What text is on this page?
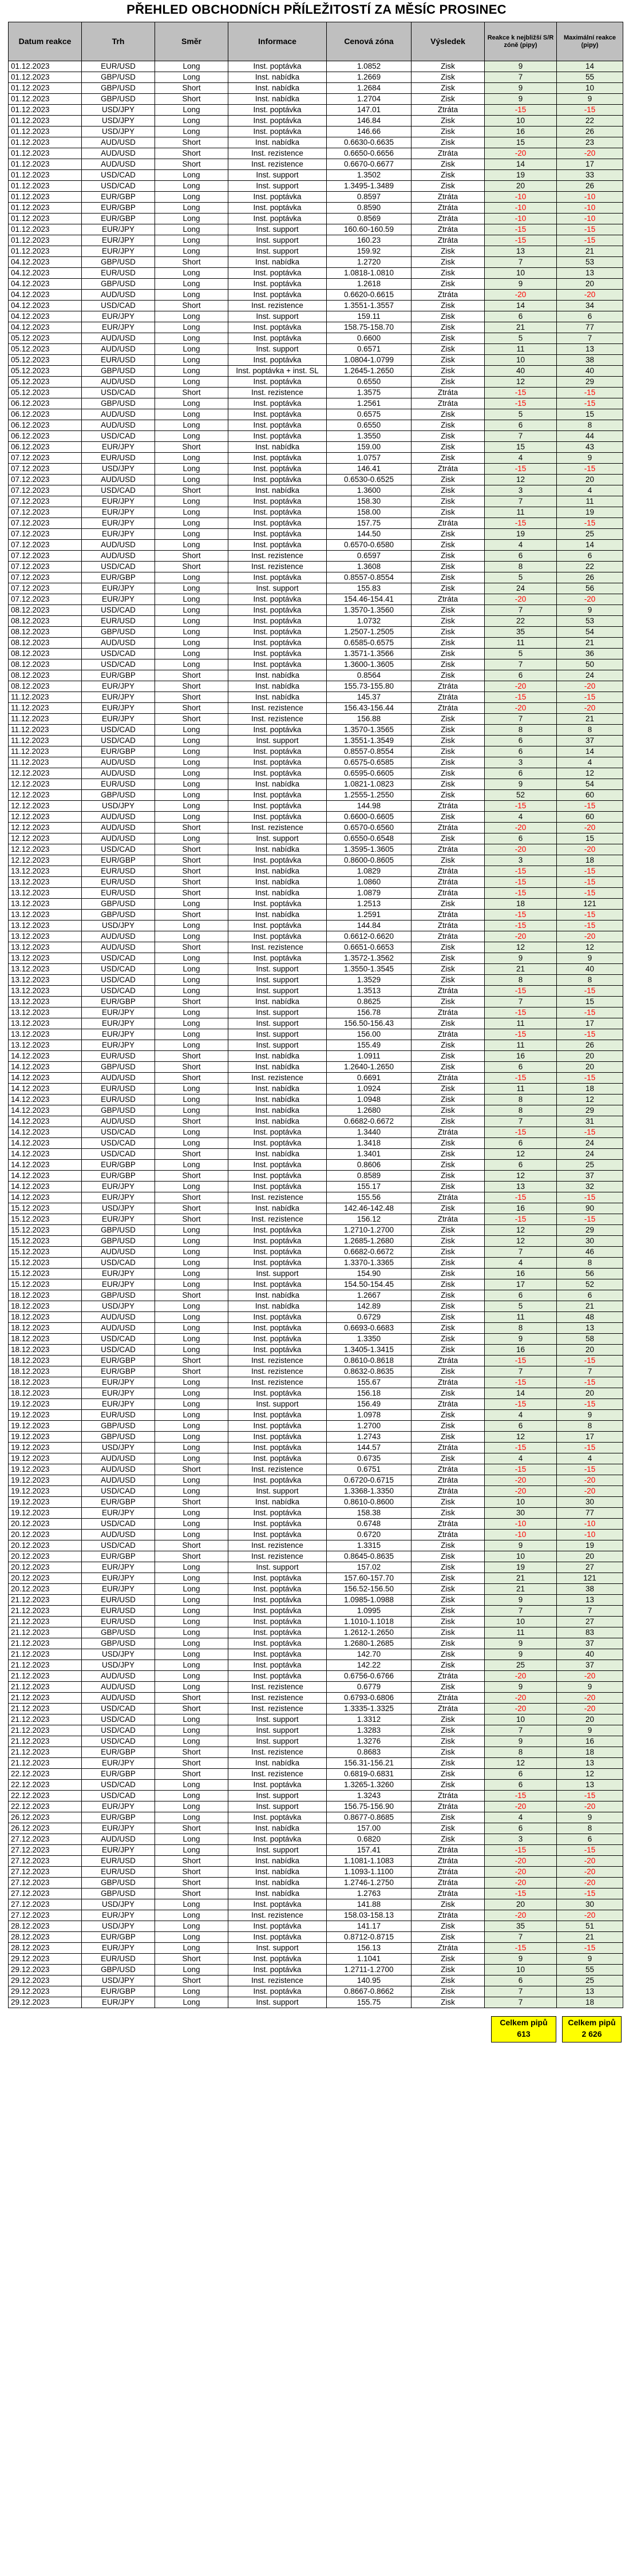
PŘEHLED OBCHODNÍCH PŘÍLEŽITOSTÍ ZA MĚSÍC PROSINEC
Datum reakce	Trh	Směr	Informace	Cenová zóna	Výsledek	Reakce k nejbližší S/R zóně (pipy)	Maximální reakce (pipy)
01.12.2023	EUR/USD	Long	Inst. poptávka	1.0852	Zisk	9	14
01.12.2023	GBP/USD	Long	Inst. nabídka	1.2669	Zisk	7	55
01.12.2023	GBP/USD	Short	Inst. nabídka	1.2684	Zisk	9	10
01.12.2023	GBP/USD	Short	Inst. nabídka	1.2704	Zisk	9	9
01.12.2023	USD/JPY	Long	Inst. poptávka	147.01	Ztráta	-15	-15
01.12.2023	USD/JPY	Long	Inst. poptávka	146.84	Zisk	10	22
01.12.2023	USD/JPY	Long	Inst. poptávka	146.66	Zisk	16	26
01.12.2023	AUD/USD	Short	Inst. nabídka	0.6630-0.6635	Zisk	15	23
01.12.2023	AUD/USD	Short	Inst. rezistence	0.6650-0.6656	Ztráta	-20	-20
01.12.2023	AUD/USD	Short	Inst. rezistence	0.6670-0.6677	Zisk	14	17
01.12.2023	USD/CAD	Long	Inst. support	1.3502	Zisk	19	33
01.12.2023	USD/CAD	Long	Inst. support	1.3495-1.3489	Zisk	20	26
01.12.2023	EUR/GBP	Long	Inst. poptávka	0.8597	Ztráta	-10	-10
01.12.2023	EUR/GBP	Long	Inst. poptávka	0.8590	Ztráta	-10	-10
01.12.2023	EUR/GBP	Long	Inst. poptávka	0.8569	Ztráta	-10	-10
01.12.2023	EUR/JPY	Long	Inst. support	160.60-160.59	Ztráta	-15	-15
01.12.2023	EUR/JPY	Long	Inst. support	160.23	Ztráta	-15	-15
01.12.2023	EUR/JPY	Long	Inst. support	159.92	Zisk	13	21
04.12.2023	GBP/USD	Short	Inst. nabídka	1.2720	Zisk	7	53
04.12.2023	EUR/USD	Long	Inst. poptávka	1.0818-1.0810	Zisk	10	13
04.12.2023	GBP/USD	Long	Inst. poptávka	1.2618	Zisk	9	20
04.12.2023	AUD/USD	Long	Inst. poptávka	0.6620-0.6615	Ztráta	-20	-20
04.12.2023	USD/CAD	Short	Inst. rezistence	1.3551-1.3557	Zisk	14	34
04.12.2023	EUR/JPY	Long	Inst. support	159.11	Zisk	6	6
04.12.2023	EUR/JPY	Long	Inst. poptávka	158.75-158.70	Zisk	21	77
05.12.2023	AUD/USD	Long	Inst. poptávka	0.6600	Zisk	5	7
05.12.2023	AUD/USD	Long	Inst. support	0.6571	Zisk	11	13
05.12.2023	EUR/USD	Long	Inst. poptávka	1.0804-1.0799	Zisk	10	38
05.12.2023	GBP/USD	Long	Inst. poptávka + inst. SL	1.2645-1.2650	Zisk	40	40
05.12.2023	AUD/USD	Long	Inst. poptávka	0.6550	Zisk	12	29
05.12.2023	USD/CAD	Short	Inst. rezistence	1.3575	Ztráta	-15	-15
06.12.2023	GBP/USD	Long	Inst. poptávka	1.2561	Ztráta	-15	-15
06.12.2023	AUD/USD	Long	Inst. poptávka	0.6575	Zisk	5	15
06.12.2023	AUD/USD	Long	Inst. poptávka	0.6550	Zisk	6	8
06.12.2023	USD/CAD	Long	Inst. poptávka	1.3550	Zisk	7	44
06.12.2023	EUR/JPY	Short	Inst. nabídka	159.00	Zisk	15	43
07.12.2023	EUR/USD	Long	Inst. poptávka	1.0757	Zisk	4	9
07.12.2023	USD/JPY	Long	Inst. poptávka	146.41	Ztráta	-15	-15
07.12.2023	AUD/USD	Long	Inst. poptávka	0.6530-0.6525	Zisk	12	20
07.12.2023	USD/CAD	Short	Inst. nabídka	1.3600	Zisk	3	4
07.12.2023	EUR/JPY	Long	Inst. poptávka	158.30	Zisk	7	11
07.12.2023	EUR/JPY	Long	Inst. poptávka	158.00	Zisk	11	19
07.12.2023	EUR/JPY	Long	Inst. poptávka	157.75	Ztráta	-15	-15
07.12.2023	EUR/JPY	Long	Inst. poptávka	144.50	Zisk	19	25
07.12.2023	AUD/USD	Long	Inst. poptávka	0.6570-0.6580	Zisk	4	14
07.12.2023	AUD/USD	Short	Inst. rezistence	0.6597	Zisk	6	6
07.12.2023	USD/CAD	Short	Inst. rezistence	1.3608	Zisk	8	22
07.12.2023	EUR/GBP	Long	Inst. poptávka	0.8557-0.8554	Zisk	5	26
07.12.2023	EUR/JPY	Long	Inst. support	155.83	Zisk	24	56
07.12.2023	EUR/JPY	Long	Inst. poptávka	154.46-154.41	Ztráta	-20	-20
08.12.2023	USD/CAD	Long	Inst. poptávka	1.3570-1.3560	Zisk	7	9
08.12.2023	EUR/USD	Long	Inst. poptávka	1.0732	Zisk	22	53
08.12.2023	GBP/USD	Long	Inst. poptávka	1.2507-1.2505	Zisk	35	54
08.12.2023	AUD/USD	Long	Inst. poptávka	0.6585-0.6575	Zisk	11	21
08.12.2023	USD/CAD	Long	Inst. poptávka	1.3571-1.3566	Zisk	5	36
08.12.2023	USD/CAD	Long	Inst. poptávka	1.3600-1.3605	Zisk	7	50
08.12.2023	EUR/GBP	Short	Inst. nabídka	0.8564	Zisk	6	24
08.12.2023	EUR/JPY	Short	Inst. nabídka	155.73-155.80	Ztráta	-20	-20
11.12.2023	EUR/JPY	Short	Inst. nabídka	145.37	Ztráta	-15	-15
11.12.2023	EUR/JPY	Short	Inst. rezistence	156.43-156.44	Ztráta	-20	-20
11.12.2023	EUR/JPY	Short	Inst. rezistence	156.88	Zisk	7	21
11.12.2023	USD/CAD	Long	Inst. poptávka	1.3570-1.3565	Zisk	8	8
11.12.2023	USD/CAD	Long	Inst. support	1.3551-1.3549	Zisk	6	37
11.12.2023	EUR/GBP	Long	Inst. poptávka	0.8557-0.8554	Zisk	6	14
11.12.2023	AUD/USD	Long	Inst. poptávka	0.6575-0.6585	Zisk	3	4
12.12.2023	AUD/USD	Long	Inst. poptávka	0.6595-0.6605	Zisk	6	12
12.12.2023	EUR/USD	Long	Inst. nabídka	1.0821-1.0823	Zisk	9	54
12.12.2023	GBP/USD	Long	Inst. poptávka	1.2555-1.2550	Zisk	52	60
12.12.2023	USD/JPY	Long	Inst. poptávka	144.98	Ztráta	-15	-15
12.12.2023	AUD/USD	Long	Inst. poptávka	0.6600-0.6605	Zisk	4	60
12.12.2023	AUD/USD	Short	Inst. rezistence	0.6570-0.6560	Ztráta	-20	-20
12.12.2023	AUD/USD	Long	Inst. support	0.6550-0.6548	Zisk	6	15
12.12.2023	USD/CAD	Short	Inst. nabídka	1.3595-1.3605	Ztráta	-20	-20
12.12.2023	EUR/GBP	Short	Inst. poptávka	0.8600-0.8605	Zisk	3	18
13.12.2023	EUR/USD	Short	Inst. nabídka	1.0829	Ztráta	-15	-15
13.12.2023	EUR/USD	Short	Inst. nabídka	1.0860	Ztráta	-15	-15
13.12.2023	EUR/USD	Short	Inst. nabídka	1.0879	Ztráta	-15	-15
13.12.2023	GBP/USD	Long	Inst. poptávka	1.2513	Zisk	18	121
13.12.2023	GBP/USD	Short	Inst. nabídka	1.2591	Ztráta	-15	-15
13.12.2023	USD/JPY	Long	Inst. poptávka	144.84	Ztráta	-15	-15
13.12.2023	AUD/USD	Long	Inst. poptávka	0.6612-0.6620	Ztráta	-20	-20
13.12.2023	AUD/USD	Short	Inst. rezistence	0.6651-0.6653	Zisk	12	12
13.12.2023	USD/CAD	Long	Inst. poptávka	1.3572-1.3562	Zisk	9	9
13.12.2023	USD/CAD	Long	Inst. support	1.3550-1.3545	Zisk	21	40
13.12.2023	USD/CAD	Long	Inst. support	1.3529	Zisk	8	8
13.12.2023	USD/CAD	Long	Inst. support	1.3513	Ztráta	-15	-15
13.12.2023	EUR/GBP	Short	Inst. nabídka	0.8625	Zisk	7	15
13.12.2023	EUR/JPY	Long	Inst. support	156.78	Ztráta	-15	-15
13.12.2023	EUR/JPY	Long	Inst. support	156.50-156.43	Zisk	11	17
13.12.2023	EUR/JPY	Long	Inst. support	156.00	Ztráta	-15	-15
13.12.2023	EUR/JPY	Long	Inst. support	155.49	Zisk	11	26
14.12.2023	EUR/USD	Short	Inst. nabídka	1.0911	Zisk	16	20
14.12.2023	GBP/USD	Short	Inst. nabídka	1.2640-1.2650	Zisk	6	20
14.12.2023	AUD/USD	Short	Inst. rezistence	0.6691	Ztráta	-15	-15
14.12.2023	EUR/USD	Long	Inst. nabídka	1.0924	Zisk	11	18
14.12.2023	EUR/USD	Long	Inst. nabídka	1.0948	Zisk	8	12
14.12.2023	GBP/USD	Long	Inst. nabídka	1.2680	Zisk	8	29
14.12.2023	AUD/USD	Short	Inst. nabídka	0.6682-0.6672	Zisk	7	31
14.12.2023	USD/CAD	Long	Inst. poptávka	1.3440	Ztráta	-15	-15
14.12.2023	USD/CAD	Long	Inst. poptávka	1.3418	Zisk	6	24
14.12.2023	USD/CAD	Short	Inst. nabídka	1.3401	Zisk	12	24
14.12.2023	EUR/GBP	Long	Inst. poptávka	0.8606	Zisk	6	25
14.12.2023	EUR/GBP	Short	Inst. poptávka	0.8589	Zisk	12	37
14.12.2023	EUR/JPY	Long	Inst. poptávka	155.17	Zisk	13	32
14.12.2023	EUR/JPY	Short	Inst. rezistence	155.56	Ztráta	-15	-15
15.12.2023	USD/JPY	Short	Inst. nabídka	142.46-142.48	Zisk	16	90
15.12.2023	EUR/JPY	Short	Inst. rezistence	156.12	Ztráta	-15	-15
15.12.2023	GBP/USD	Long	Inst. poptávka	1.2710-1.2700	Zisk	12	29
15.12.2023	GBP/USD	Long	Inst. poptávka	1.2685-1.2680	Zisk	12	30
15.12.2023	AUD/USD	Long	Inst. poptávka	0.6682-0.6672	Zisk	7	46
15.12.2023	USD/CAD	Long	Inst. poptávka	1.3370-1.3365	Zisk	4	8
15.12.2023	EUR/JPY	Long	Inst. support	154.90	Zisk	16	56
15.12.2023	EUR/JPY	Long	Inst. poptávka	154.50-154.45	Zisk	17	52
18.12.2023	GBP/USD	Short	Inst. nabídka	1.2667	Zisk	6	6
18.12.2023	USD/JPY	Long	Inst. nabídka	142.89	Zisk	5	21
18.12.2023	AUD/USD	Long	Inst. poptávka	0.6729	Zisk	11	48
18.12.2023	AUD/USD	Long	Inst. poptávka	0.6693-0.6683	Zisk	8	13
18.12.2023	USD/CAD	Long	Inst. poptávka	1.3350	Zisk	9	58
18.12.2023	USD/CAD	Long	Inst. poptávka	1.3405-1.3415	Zisk	16	20
18.12.2023	EUR/GBP	Short	Inst. rezistence	0.8610-0.8618	Ztráta	-15	-15
18.12.2023	EUR/GBP	Short	Inst. rezistence	0.8632-0.8635	Zisk	7	7
18.12.2023	EUR/JPY	Long	Inst. rezistence	155.67	Ztráta	-15	-15
18.12.2023	EUR/JPY	Long	Inst. poptávka	156.18	Zisk	14	20
19.12.2023	EUR/JPY	Long	Inst. support	156.49	Ztráta	-15	-15
19.12.2023	EUR/USD	Long	Inst. poptávka	1.0978	Zisk	4	9
19.12.2023	GBP/USD	Long	Inst. poptávka	1.2700	Zisk	6	8
19.12.2023	GBP/USD	Long	Inst. poptávka	1.2743	Zisk	12	17
19.12.2023	USD/JPY	Long	Inst. poptávka	144.57	Ztráta	-15	-15
19.12.2023	AUD/USD	Long	Inst. poptávka	0.6735	Zisk	4	4
19.12.2023	AUD/USD	Short	Inst. rezistence	0.6751	Ztráta	-15	-15
19.12.2023	AUD/USD	Long	Inst. poptávka	0.6720-0.6715	Ztráta	-20	-20
19.12.2023	USD/CAD	Long	Inst. support	1.3368-1.3350	Ztráta	-20	-20
19.12.2023	EUR/GBP	Short	Inst. nabídka	0.8610-0.8600	Zisk	10	30
19.12.2023	EUR/JPY	Long	Inst. poptávka	158.38	Zisk	30	77
20.12.2023	USD/CAD	Long	Inst. poptávka	0.6748	Ztráta	-10	-10
20.12.2023	AUD/USD	Long	Inst. poptávka	0.6720	Ztráta	-10	-10
20.12.2023	USD/CAD	Short	Inst. rezistence	1.3315	Zisk	9	19
20.12.2023	EUR/GBP	Short	Inst. rezistence	0.8645-0.8635	Zisk	10	20
20.12.2023	EUR/JPY	Long	Inst. support	157.02	Zisk	19	27
20.12.2023	EUR/JPY	Long	Inst. poptávka	157.60-157.70	Zisk	21	121
20.12.2023	EUR/JPY	Long	Inst. poptávka	156.52-156.50	Zisk	21	38
21.12.2023	EUR/USD	Long	Inst. poptávka	1.0985-1.0988	Zisk	9	13
21.12.2023	EUR/USD	Long	Inst. poptávka	1.0995	Zisk	7	7
21.12.2023	EUR/USD	Long	Inst. poptávka	1.1010-1.1018	Zisk	10	27
21.12.2023	GBP/USD	Long	Inst. poptávka	1.2612-1.2650	Zisk	11	83
21.12.2023	GBP/USD	Long	Inst. poptávka	1.2680-1.2685	Zisk	9	37
21.12.2023	USD/JPY	Long	Inst. poptávka	142.70	Zisk	9	40
21.12.2023	USD/JPY	Long	Inst. poptávka	142.22	Zisk	25	37
21.12.2023	AUD/USD	Long	Inst. poptávka	0.6756-0.6766	Ztráta	-20	-20
21.12.2023	AUD/USD	Long	Inst. rezistence	0.6779	Zisk	9	9
21.12.2023	AUD/USD	Short	Inst. rezistence	0.6793-0.6806	Ztráta	-20	-20
21.12.2023	USD/CAD	Short	Inst. rezistence	1.3335-1.3325	Ztráta	-20	-20
21.12.2023	USD/CAD	Long	Inst. support	1.3312	Zisk	10	20
21.12.2023	USD/CAD	Long	Inst. support	1.3283	Zisk	7	9
21.12.2023	USD/CAD	Long	Inst. support	1.3276	Zisk	9	16
21.12.2023	EUR/GBP	Short	Inst. rezistence	0.8683	Zisk	8	18
21.12.2023	EUR/JPY	Short	Inst. nabídka	156.31-156.21	Zisk	12	13
22.12.2023	EUR/GBP	Short	Inst. rezistence	0.6819-0.6831	Zisk	6	12
22.12.2023	USD/CAD	Long	Inst. poptávka	1.3265-1.3260	Zisk	6	13
22.12.2023	USD/CAD	Long	Inst. support	1.3243	Ztráta	-15	-15
22.12.2023	EUR/JPY	Long	Inst. support	156.75-156.90	Ztráta	-20	-20
26.12.2023	EUR/GBP	Long	Inst. poptávka	0.8677-0.8685	Zisk	4	9
26.12.2023	EUR/JPY	Short	Inst. nabídka	157.00	Zisk	6	8
27.12.2023	AUD/USD	Long	Inst. poptávka	0.6820	Zisk	3	6
27.12.2023	EUR/JPY	Long	Inst. support	157.41	Ztráta	-15	-15
27.12.2023	EUR/USD	Short	Inst. nabídka	1.1081-1.1083	Ztráta	-20	-20
27.12.2023	EUR/USD	Short	Inst. nabídka	1.1093-1.1100	Ztráta	-20	-20
27.12.2023	GBP/USD	Short	Inst. nabídka	1.2746-1.2750	Ztráta	-20	-20
27.12.2023	GBP/USD	Short	Inst. nabídka	1.2763	Ztráta	-15	-15
27.12.2023	USD/JPY	Long	Inst. poptávka	141.88	Zisk	20	30
27.12.2023	EUR/JPY	Long	Inst. rezistence	158.03-158.13	Ztráta	-20	-20
28.12.2023	USD/JPY	Long	Inst. poptávka	141.17	Zisk	35	51
28.12.2023	EUR/GBP	Long	Inst. poptávka	0.8712-0.8715	Zisk	7	21
28.12.2023	EUR/JPY	Long	Inst. support	156.13	Ztráta	-15	-15
29.12.2023	EUR/USD	Short	Inst. poptávka	1.1041	Zisk	9	9
29.12.2023	GBP/USD	Long	Inst. poptávka	1.2711-1.2700	Zisk	10	55
29.12.2023	USD/JPY	Short	Inst. rezistence	140.95	Zisk	6	25
29.12.2023	EUR/GBP	Long	Inst. poptávka	0.8667-0.8662	Zisk	7	13
29.12.2023	EUR/JPY	Long	Inst. support	155.75	Zisk	7	18
Celkem pipů
613
Celkem pipů
2 626
